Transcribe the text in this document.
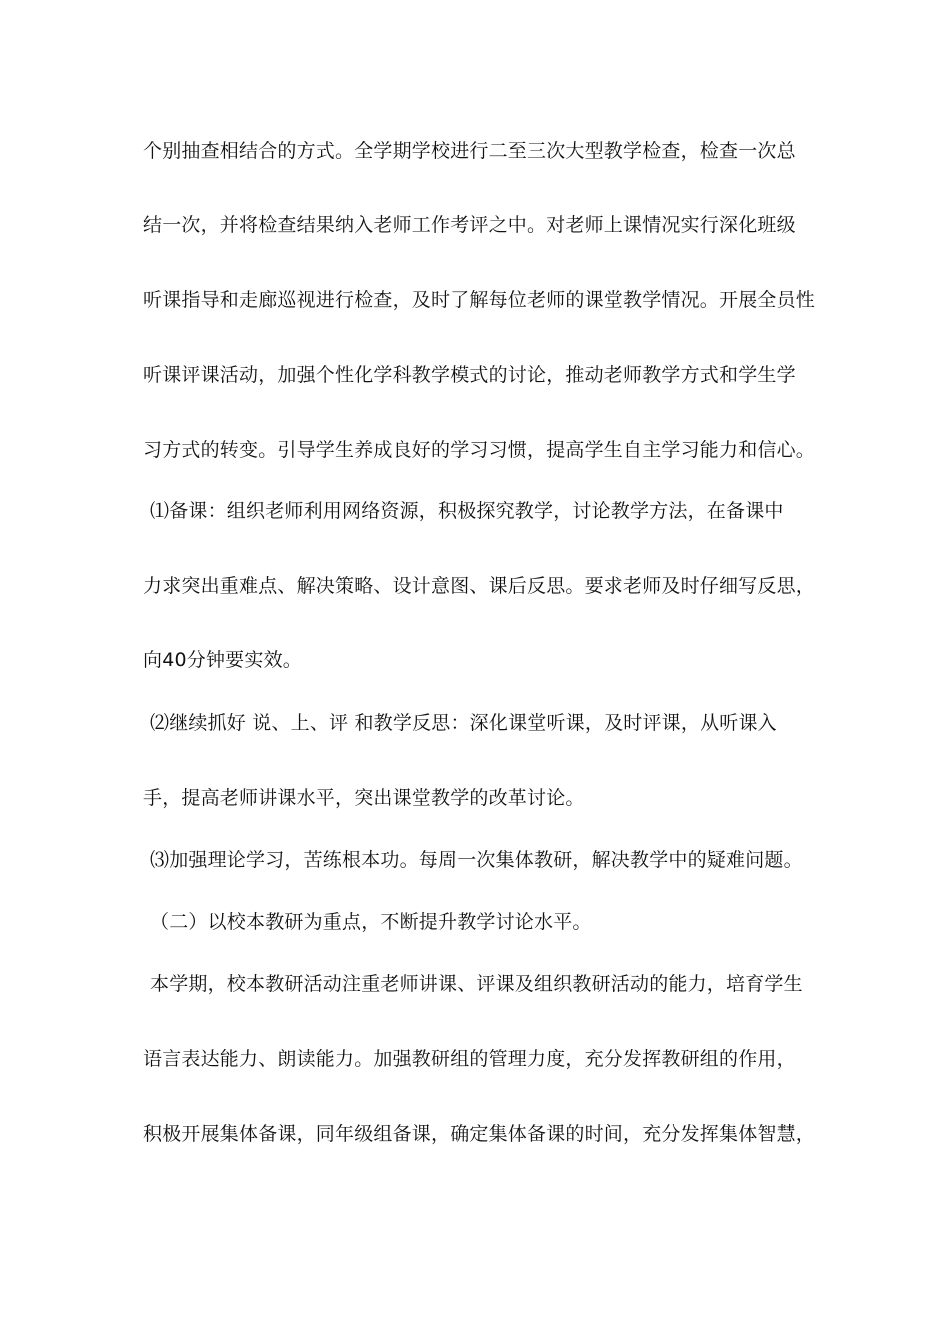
个别抽查相结合的方式。全学期学校进行二至三次大型教学检查，检查一次总
结一次，并将检查结果纳入老师工作考评之中。对老师上课情况实行深化班级
听课指导和走廊巡视进行检查，及时了解每位老师的课堂教学情况。开展全员性
听课评课活动，加强个性化学科教学模式的讨论，推动老师教学方式和学生学
习方式的转变。引导学生养成良好的学习习惯，提高学生自主学习能力和信心。
⑴备课：组织老师利用网络资源，积极探究教学，讨论教学方法，在备课中
力求突出重难点、解决策略、设计意图、课后反思。要求老师及时仔细写反思，
向40分钟要实效。
⑵继续抓好 说、上、评 和教学反思：深化课堂听课，及时评课，从听课入
手，提高老师讲课水平，突出课堂教学的改革讨论。
⑶加强理论学习，苦练根本功。每周一次集体教研，解决教学中的疑难问题。
（二）以校本教研为重点，不断提升教学讨论水平。
本学期，校本教研活动注重老师讲课、评课及组织教研活动的能力，培育学生
语言表达能力、朗读能力。加强教研组的管理力度，充分发挥教研组的作用，
积极开展集体备课，同年级组备课，确定集体备课的时间，充分发挥集体智慧，
